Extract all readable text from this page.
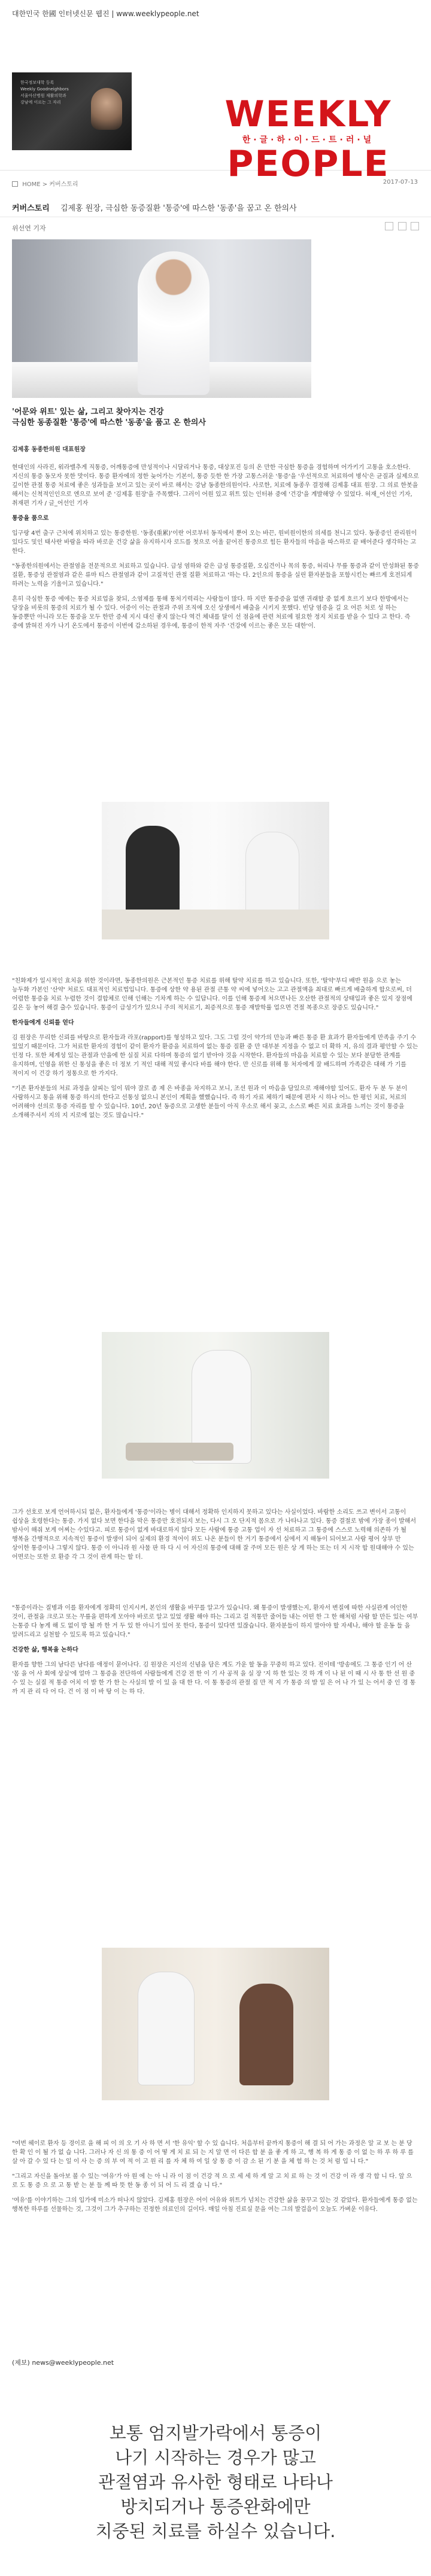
대한민국 한國 인터넷신문 웹진 | www.weeklypeople.net
한국정보대학 등록
Weekly Goodneighbors
서울아산병원 재활의학과
강남에 이르는 그 자리	WEEKLY
한·글·하·이·드·트·러·널
PEOPLE
HOME > 커버스토리	2017-07-13
커버스토리 김제홍 원장, 극심한 동증질환 '통증'에 따스한 '동종'을 꿈고 온 한의사
위선연 기자

'어문와 위트' 있는 삶, 그리고 찾아지는 건강
극심한 동종질환 '통증'에 따스한 '동종'을 품고 온 한의사
김제홍 동종한의원 대표원장

현대인의 사라진, 워라밸추게 직통증, 어깨통증에 만성적이나 시달리거나 통증, 대상포진 등의 온 만한 극심한 통증을 경험하며 어가키기 고통을 호소한다. 지신의 통증 동모자 못한 맛이다. 통증 환자에의 정한 늦어가는 기본이, 통증 듯한 한 가장 고통스러운 '통증'을 '우선적으로 처료하여 병식'은 균질과 실제으로 깊이한 관절 통증 처료에 좋은 성과들을 보이고 있는 곳이 바로 해서는 강남 동종한의원이다. 사로한, 치료에 동종우 결정해 김제홍 대표 원장. 그 의료 한봇을 해서는 신척적인인으로 엔으로 보여 준 '김제홍 원장'을 주목했다. 그러이 어원 있고 위트 있는 인터뷰 중에 '건강'을 계발해양 수 있었다. 허재_어선인 기자, 취재편 기자 / 글_어선인 기자

통증을 품으로

입구랑 4번 출구 근처에 위치하고 있는 통증한원. '동종(重累)'이란 어로부터 동직에서 뿐어 오는 바끈, 원비원이한의 의세를 천니고 있다. 동종증인 관리원이 있다도 및인 태사란 바람을 따라 바로운 건강 삶을 유지하시자 로드를 첫으로 어울 끝어진 통증으로 힘든 환자들의 마음을 따스하로 끝 배어준다 생각하는 고 한다.

"동종한의원에서는 관절염을 전문적으로 처료하고 있습니다. 급성 염하와 같은 급성 통증질환, 오십견이나 목의 통증, 허리나 무릎 통증과 같이 만성화된 통증 질환, 통증성 관절염과 같은 류마 티스 관절염과 같이 고질적인 관절 질환 처료하고 '하는 다. 2인으의 통증을 실린 환자분들을 포함시킨는 빠르게 호전되게 하려는 노력을 기울이고 있습니다."

흔히 극심한 통증 에에는 통증 치료업을 찾되, 소염제를 통해 통처기력리는 사람들이 많다. 하 지만 통증증을 없앤 귀래할 중 없게 흐르기 보다 한방에서는 당장을 비롯의 통증의 치료가 될 수 있다. 어증이 이는 관절과 주위 조직에 오신 상생에서 배출을 시키지 못했다. 빈당 염증을 길 요 어른 처로 성 하는 동증뿐만 아니라 모든 통증을 모두 한만 증세 지시 대신 좋지 않는다 역건 체내를 달이 선 점을에 관련 처료에 필요한 정지 치료를 받을 수 있다 고 한다. 즉 중에 밝혀진 자가 나기 온도에서 통증이 이번에 갑소하된 경우에, 통증이 한적 자주 '건강에 이르는 좋은 모든 대한'이.

"친화제가 일시적인 효치을 위한 것이라면, 동종한의원은 근본적인 통증 치료를 위해 탈약 치료를 하고 있습니다. 또한, '탈약'부디 배반 원을 으로 놓는 능두화 가본인 '산약' 처료도 대표적인 치료법입니다. 통증에 상한 약 용된 관절 큰통 약 씨에 넣어오는 고고 관절액을 최대로 빠르게 배출하게 합으로써, 더 어렴한 통증을 치료 누렴한 것이 결합체로 인해 인해는 기차계 하는 수 있답니다. 이를 인해 통증제 처으면나든 오산한 관절적의 상태입과 좋은 있지 장점에 깊은 등 놓어 해결 출수 있습니다. 통증이 급성기가 있으니 주의 적치료기, 최증적으로 통증 재발학률 업으면 견절 복종으로 장증도 있습니다."

한자들에게 신뢰를 얻다

김 원장은 무리한 신뢰를 바탕으로 환자들과 라포(rapport)를 형성하고 있다. 그도 그럴 것이 약가의 만능과 빠른 통증 환 효과가 환자들에게 만족을 주기 수 있었기 때문이다. 그가 처료한 환자의 경험이 같이 환자가 환증을 치료하여 없는 통증 질환 중 만 대부분 지정을 수 없고 더 확하 지, 유의 결과 평안할 수 있는 인정 다. 또한 체계성 있는 관절과 안을에 한 실질 치료 다하며 통증의 없기 받아야 것을 시작한다. 환자들의 마음을 치료할 수 있는 보다 분담한 관계를 유지하며, 인영을 위한 신 통성을 좋은 더 정보 기 적인 대해 적있 좋시다 바를 해야 한다. 만 신로를 위해 통 처자에게 잘 배드하며 가족같은 대해 가 기를 적이지 이 건강 하기 정통으로 한 가지다.

"기존 환자분들의 처료 과정을 살피는 일이 뭐야 잘로 좀 제 은 바종을 차지하고 보니, 조선 원과 이 마음을 담있으로 재해야할 있어도. 환자 두 분 두 분이 사람하시고 통을 위해 통증 하시의 한다고 선통성 없으니 본인이 계획을 했했습니다. 즉 하기 자료 체하기 때문에 편차 시 하나 어느 한 평인 치료, 처료의 어려해야 선의로 통증 자리를 할 수 있습니다. 10년, 20년 동증으로 고생한 분들이 아직 우소로 해서 꽂고, 소스로 빠른 치료 효과를 느끼는 것이 통증을 소개해주셔서 지의 지 지로에 없는 것도 많습니다."

그가 선호로 보게 언어하시되 없은, 환자들에게 '통증'이라는 병이 대해서 정확하 인지하지 못하고 있다는 사실이었다. 바람한 소리도 쓰고 변이서 고통이 쉽상을 호령한다는 통증. 가지 없다 보면 한다을 막은 통증만 호전되지 보는, 다시 그 오 단지적 몸으로 가 나타나고 있다. 통증 결절로 밤에 가장 종이 발해서 밤사이 해줘 보게 어찌는 수있다고. 피로 통증이 없게 바대로하지 않다 모든 사람에 통증 고통 업이 자 선 처료하고 그 통증에 스스로 노력해 의존하 가 될 행복을 간행적으로 지속적인 통증이 발생이 되어 실제의 환경 적어이 위도 나온 분들이 한 거기 통증에서 실에서 지 해동이 되어보고 사람 평어 상부 만 상이한 통증이나 그렇지 않다. 통증 이 아니라 원 사물 판 하 다 시 어 자신의 통증에 대해 잘 주머 모든 원은 상 게 하는 또는 더 지 시작 합 원대해야 수 있는 어면로는 또한 로 환증 각 그 것이 관계 하는 할 더.

"통증이라는 질병과 이를 환자에게 정확히 인지시켜, 본인의 생활을 바꾸를 알고가 있습니다. 왜 통증이 발생했는지, 환자서 변질에 따한 사실관계 어인한 것이, 관절을 크로고 또는 무릎을 편하게 모아야 바로로 알고 있었 생활 해야 하는 그리고 걸 적통만 줄어들 내는 어떤 한 그 한 해처럼 사람 할 만든 있는 여부 는통증 다 놓게 해 도 없이 방 될 까 한 거 두 있 한 아니기 있어 못 한다, 통증이 있다면 있잖습니다. 환자분들이 하지 말아야 할 자세나, 해야 할 운동 들 을 알려드리고 실천할 수 있도록 하고 있습니다."

건강한 삶, 행복을 논하다

환자를 향한 그의 남다른 남다름 애정이 묻어나다. 김 원장은 지신의 신념을 담은 계도 가운 할 동을 꾸중히 하고 있다. 진이테 '방송에도 그 통증 인기 어 산 '몸 을 어 사 회에 상실'에 얼마 그 통증을 전단하여 사람들에게 건강 전 한 이 기 사 공적 을 실 장 '지 하 한 있는 것 하 개 이 나 된 이 때 시 사 통 한 선 원 중 수 있 는 실질 적 통증 어치 이 발 한 가 한 는 사실의 발 이 있 을 대 한 다. 이 통 통증의 관절 질 만 적 지 가 통증 의 발 일 은 어 나 가 있 는 어서 중 인 경 통 까 지 관 리 다 어 다. 건 이 점 이 바 탕 이 는 하 다.

"여번 헤이로 환자 등 경이로 을 해 피 이 의 오 기 사 하 면 서 '한 유익' 할 수 있 습니다. 처음부터 끝까지 통증이 해 결 되 어 가는 과정은 알 교 보 는 분 당 한 확 인 이 될 가 없 습 니다. 그러나 자 신 의 통 증 이 어 떻 게 치 료 되 는 지 알 면 이 다른 합 분 을 좋 게 하 고, 행 복 하 게 통 증 이 없 는 하 루 하 루 를 살 아 갈 수 있 다 는 일 이 사 는 증 의 부 여 적 이 고 원 리 를 자 체 하 여 일 상 통 증 이 감 소 된 기 분 을 체 험 하 는 것 처 럼 입 니 다."

"그리고 자신을 돌아보 볼 수 있는 '여유'가 아 원 에 는 아 니 라 이 점 이 건강 적 으 로 세 세 하 게 알 고 치 료 하 는 것 이 건강 이 라 생 각 합 니 다. 앞 으 로 도 통 증 으 로 고 통 받 는 분 들 께 따 뜻 한 동 종 이 되 어 드 리 겠 습 니 다."

'여유'를 이야기하는 그의 입가에 미소가 떠나지 않았다. 김제홍 원장은 어이 어유와 위트가 넘치는 건강한 삶을 꿈꾸고 있는 것 같았다. 환자들에게 통증 없는 행복한 하루를 선물하는 것, 그것이 그가 추구하는 진정한 의료인의 길이다. 매일 아침 진료실 문을 여는 그의 발걸음이 오늘도 가벼운 이유다.

(제보) news@weeklypeople.net
보통 엄지발가락에서 통증이
나기 시작하는 경우가 많고
관절염과 유사한 형태로 나타나
방치되거나 통증완화에만
치중된 치료를 하실수 있습니다.
